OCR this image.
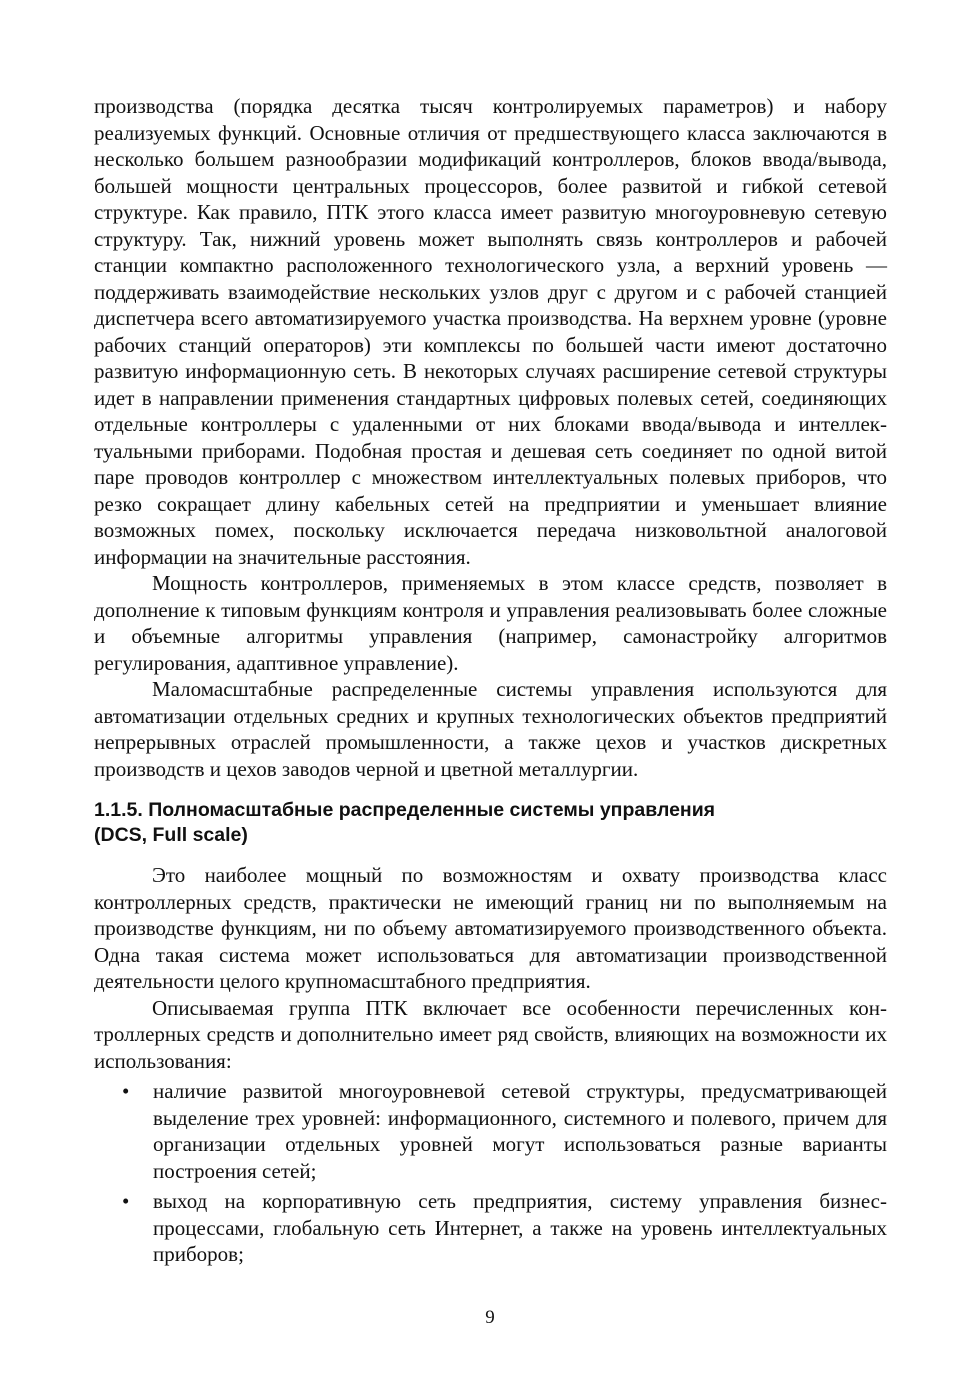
производства (порядка десятка тысяч контролируемых параметров) и набору реализуемых функций. Основные отличия от предшествующего класса заключаются в несколько большем разнообразии модификаций контроллеров, блоков ввода/вывода, большей мощности центральных процессоров, более развитой и гибкой сетевой структуре. Как правило, ПТК этого класса имеет развитую многоуровневую сетевую структуру. Так, нижний уровень может выполнять связь контроллеров и рабочей станции компактно расположенного технологического узла, а верхний уровень — поддерживать взаимодействие нескольких узлов друг с другом и с рабочей станцией диспетчера всего автоматизируемого участка производства. На верхнем уровне (уровне рабочих станций операторов) эти комплексы по большей части имеют достаточно развитую информационную сеть. В некоторых случаях расширение сетевой структуры идет в направлении применения стандартных цифровых полевых сетей, соединяющих отдельные контроллеры с удаленными от них блоками ввода/вывода и интеллектуальными приборами. Подобная простая и дешевая сеть соединяет по одной витой паре проводов контроллер с множеством интеллектуальных полевых приборов, что резко сокращает длину кабельных сетей на предприятии и уменьшает влияние возможных помех, поскольку исключается передача низковольтной аналоговой информации на значительные расстояния.

Мощность контроллеров, применяемых в этом классе средств, позволяет в дополнение к типовым функциям контроля и управления реализовывать более сложные и объемные алгоритмы управления (например, самонастройку алгоритмов регулирования, адаптивное управление).

Маломасштабные распределенные системы управления используются для автоматизации отдельных средних и крупных технологических объектов предприятий непрерывных отраслей промышленности, а также цехов и участков дискретных производств и цехов заводов черной и цветной металлургии.

1.1.5. Полномасштабные распределенные системы управления
(DCS, Full scale)

Это наиболее мощный по возможностям и охвату производства класс контроллерных средств, практически не имеющий границ ни по выполняемым на производстве функциям, ни по объему автоматизируемого производственного объекта. Одна такая система может использоваться для автоматизации производственной деятельности целого крупномасштабного предприятия.

Описываемая группа ПТК включает все особенности перечисленных контроллерных средств и дополнительно имеет ряд свойств, влияющих на возможности их использования:

• наличие развитой многоуровневой сетевой структуры, предусматривающей выделение трех уровней: информационного, системного и полевого, причем для организации отдельных уровней могут использоваться разные варианты построения сетей;
• выход на корпоративную сеть предприятия, систему управления бизнес-процессами, глобальную сеть Интернет, а также на уровень интеллектуальных приборов;
9
